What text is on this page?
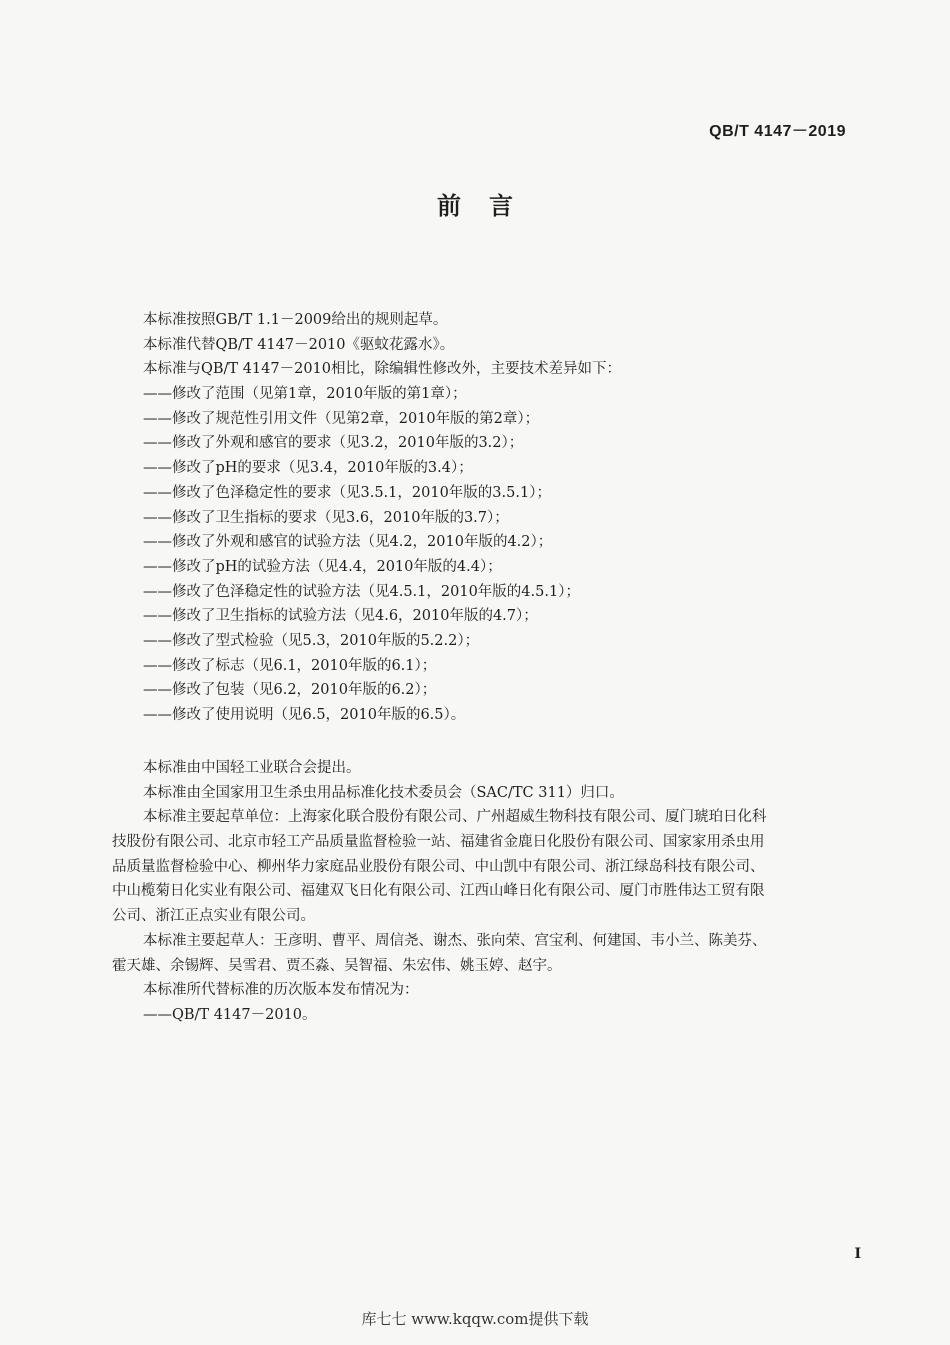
QB/T 4147－2019
前言
本标准按照GB/T 1.1－2009给出的规则起草。
本标准代替QB/T 4147－2010《驱蚊花露水》。
本标准与QB/T 4147－2010相比，除编辑性修改外，主要技术差异如下：
——修改了范围（见第1章，2010年版的第1章）；
——修改了规范性引用文件（见第2章，2010年版的第2章）；
——修改了外观和感官的要求（见3.2，2010年版的3.2）；
——修改了pH的要求（见3.4，2010年版的3.4）；
——修改了色泽稳定性的要求（见3.5.1，2010年版的3.5.1）；
——修改了卫生指标的要求（见3.6，2010年版的3.7）；
——修改了外观和感官的试验方法（见4.2，2010年版的4.2）；
——修改了pH的试验方法（见4.4，2010年版的4.4）；
——修改了色泽稳定性的试验方法（见4.5.1，2010年版的4.5.1）；
——修改了卫生指标的试验方法（见4.6，2010年版的4.7）；
——修改了型式检验（见5.3，2010年版的5.2.2）；
——修改了标志（见6.1，2010年版的6.1）；
——修改了包装（见6.2，2010年版的6.2）；
——修改了使用说明（见6.5，2010年版的6.5）。
本标准由中国轻工业联合会提出。
本标准由全国家用卫生杀虫用品标准化技术委员会（SAC/TC 311）归口。
本标准主要起草单位：上海家化联合股份有限公司、广州超威生物科技有限公司、厦门琥珀日化科
技股份有限公司、北京市轻工产品质量监督检验一站、福建省金鹿日化股份有限公司、国家家用杀虫用
品质量监督检验中心、柳州华力家庭品业股份有限公司、中山凯中有限公司、浙江绿岛科技有限公司、
中山榄菊日化实业有限公司、福建双飞日化有限公司、江西山峰日化有限公司、厦门市胜伟达工贸有限
公司、浙江正点实业有限公司。
本标准主要起草人：王彦明、曹平、周信尧、谢杰、张向荣、宫宝利、何建国、韦小兰、陈美芬、
霍天雄、余锡辉、吴雪君、贾丕淼、吴智福、朱宏伟、姚玉婷、赵宇。
本标准所代替标准的历次版本发布情况为：
——QB/T 4147－2010。
I
库七七 www.kqqw.com提供下载
